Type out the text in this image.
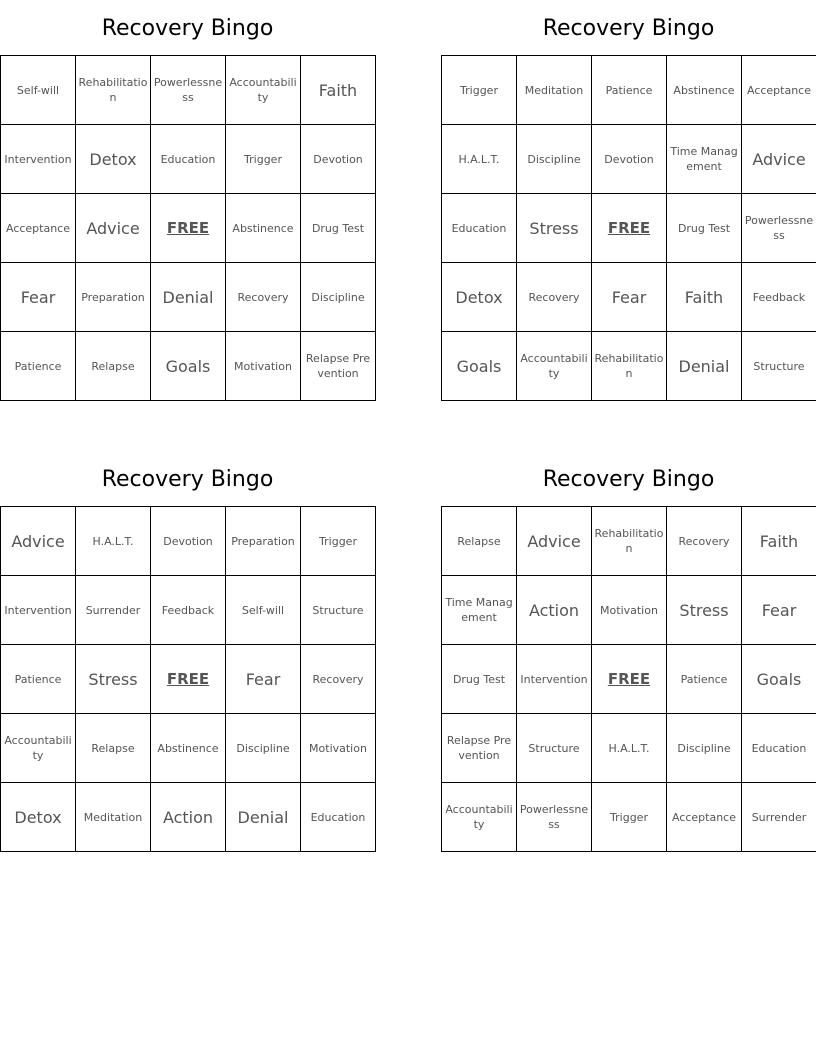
Recovery Bingo
Self-will	Rehabilitation	Powerlessness	Accountability	Faith
Intervention	Detox	Education	Trigger	Devotion
Acceptance	Advice	FREE	Abstinence	Drug Test
Fear	Preparation	Denial	Recovery	Discipline
Patience	Relapse	Goals	Motivation	Relapse Prevention
Recovery Bingo
Trigger	Meditation	Patience	Abstinence	Acceptance
H.A.L.T.	Discipline	Devotion	Time Management	Advice
Education	Stress	FREE	Drug Test	Powerlessness
Detox	Recovery	Fear	Faith	Feedback
Goals	Accountability	Rehabilitation	Denial	Structure
Recovery Bingo
Advice	H.A.L.T.	Devotion	Preparation	Trigger
Intervention	Surrender	Feedback	Self-will	Structure
Patience	Stress	FREE	Fear	Recovery
Accountability	Relapse	Abstinence	Discipline	Motivation
Detox	Meditation	Action	Denial	Education
Recovery Bingo
Relapse	Advice	Rehabilitation	Recovery	Faith
Time Management	Action	Motivation	Stress	Fear
Drug Test	Intervention	FREE	Patience	Goals
Relapse Prevention	Structure	H.A.L.T.	Discipline	Education
Accountability	Powerlessness	Trigger	Acceptance	Surrender
